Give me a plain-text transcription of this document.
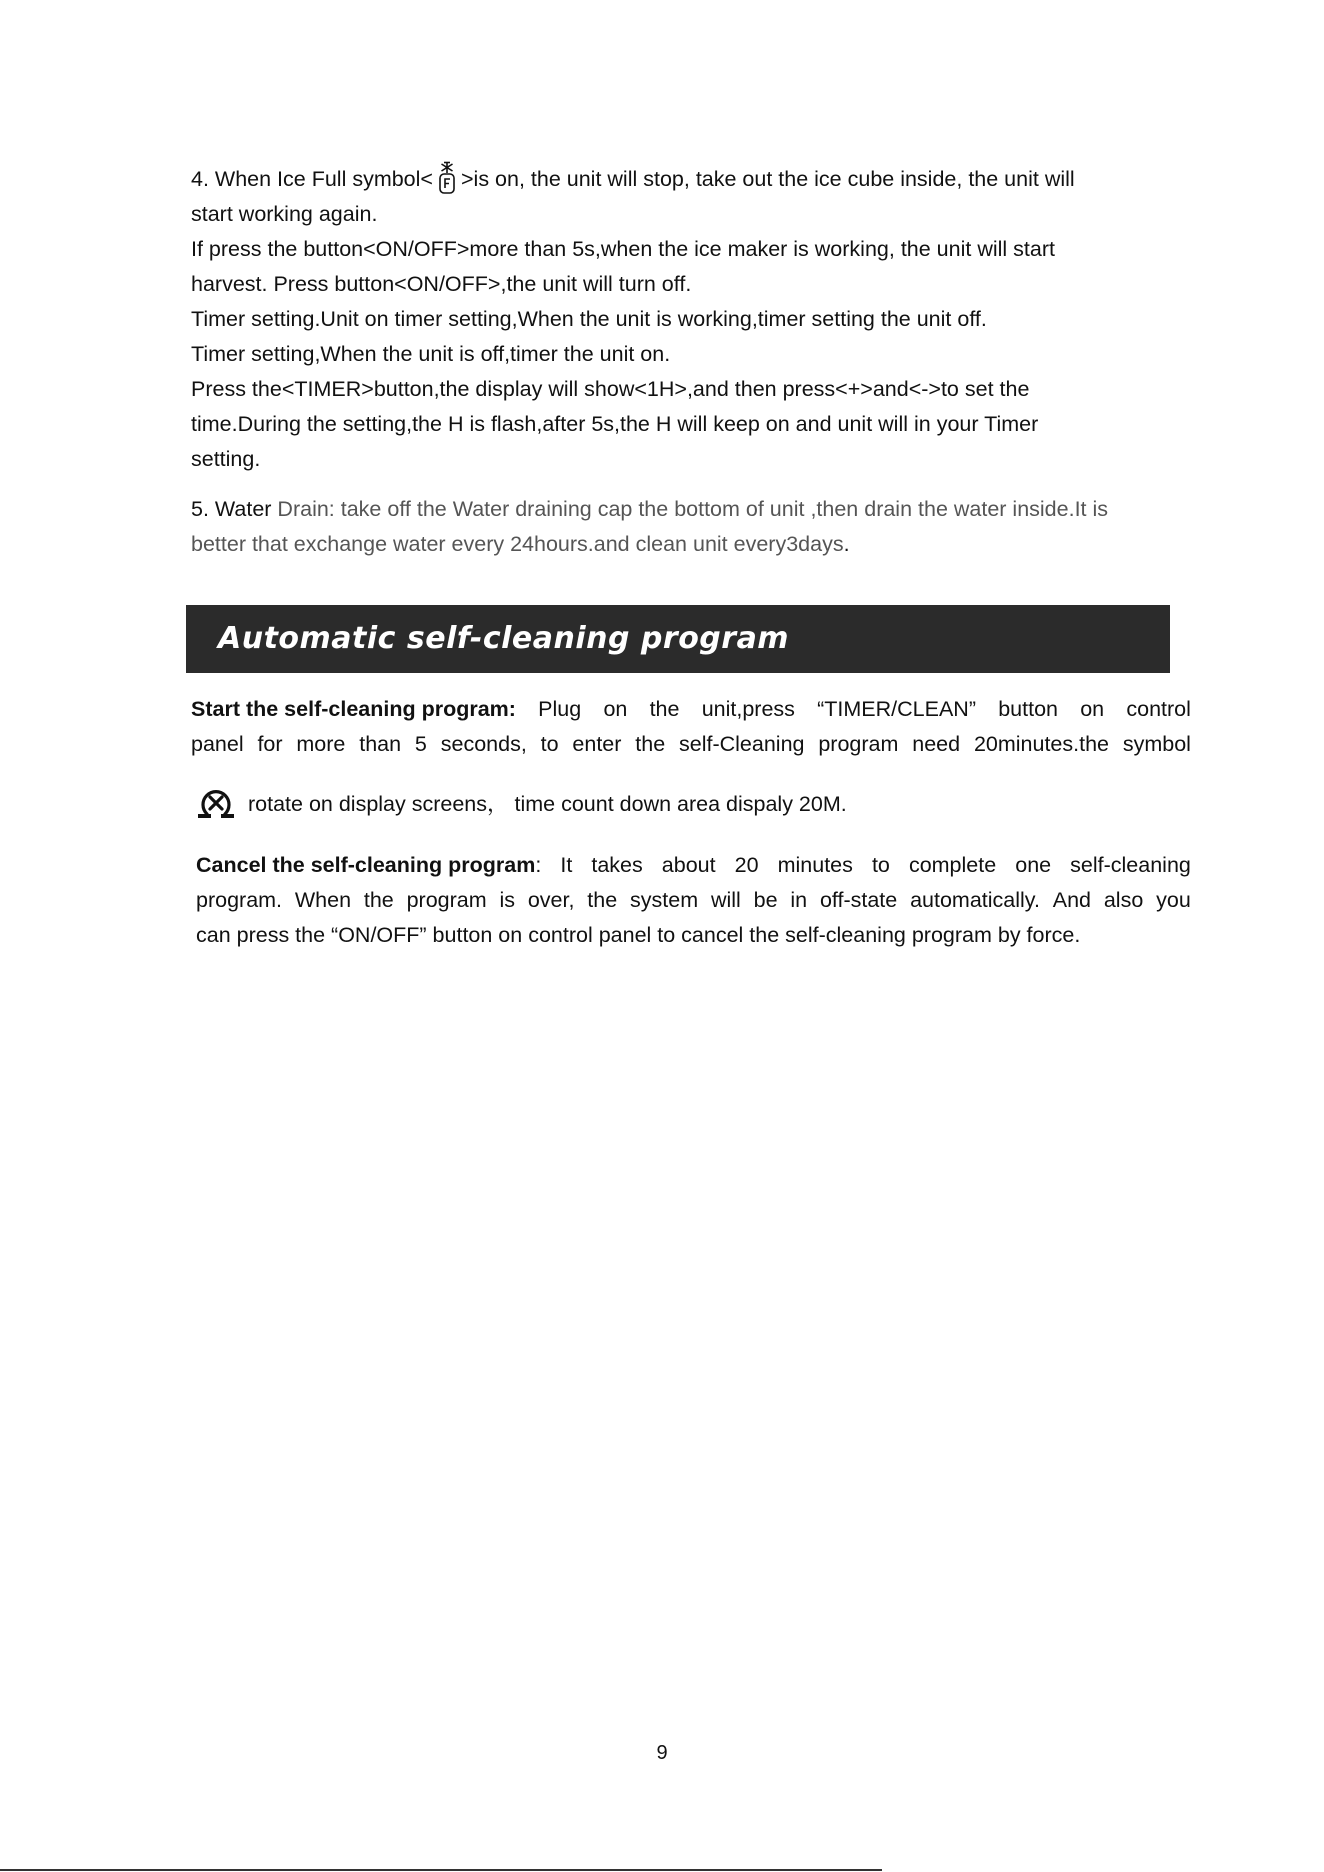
4. When Ice Full symbol< >is on, the unit will stop, take out the ice cube inside, the unit will
start working again.
If press the button<ON/OFF>more than 5s,when the ice maker is working, the unit will start
harvest. Press button<ON/OFF>,the unit will turn off.
Timer setting.Unit on timer setting,When the unit is working,timer setting the unit off.
Timer setting,When the unit is off,timer the unit on.
Press the<TIMER>button,the display will show<1H>,and then press<+>and<->to set the
time.During the setting,the H is flash,after 5s,the H will keep on and unit will in your Timer
setting.
5. Water Drain: take off the Water draining cap the bottom of unit ,then drain the water inside.It is
better that exchange water every 24hours.and clean unit every3days.
Automatic self-cleaning program
Start the self-cleaning program: Plug on the unit,press “TIMER/CLEAN” button on control
panel for more than 5 seconds, to enter the self-Cleaning program need 20minutes.the symbol
rotate on display screens， time count down area dispaly 20M.
Cancel the self-cleaning program: It takes about 20 minutes to complete one self-cleaning
program. When the program is over, the system will be in off-state automatically. And also you
can press the “ON/OFF” button on control panel to cancel the self-cleaning program by force.
9
